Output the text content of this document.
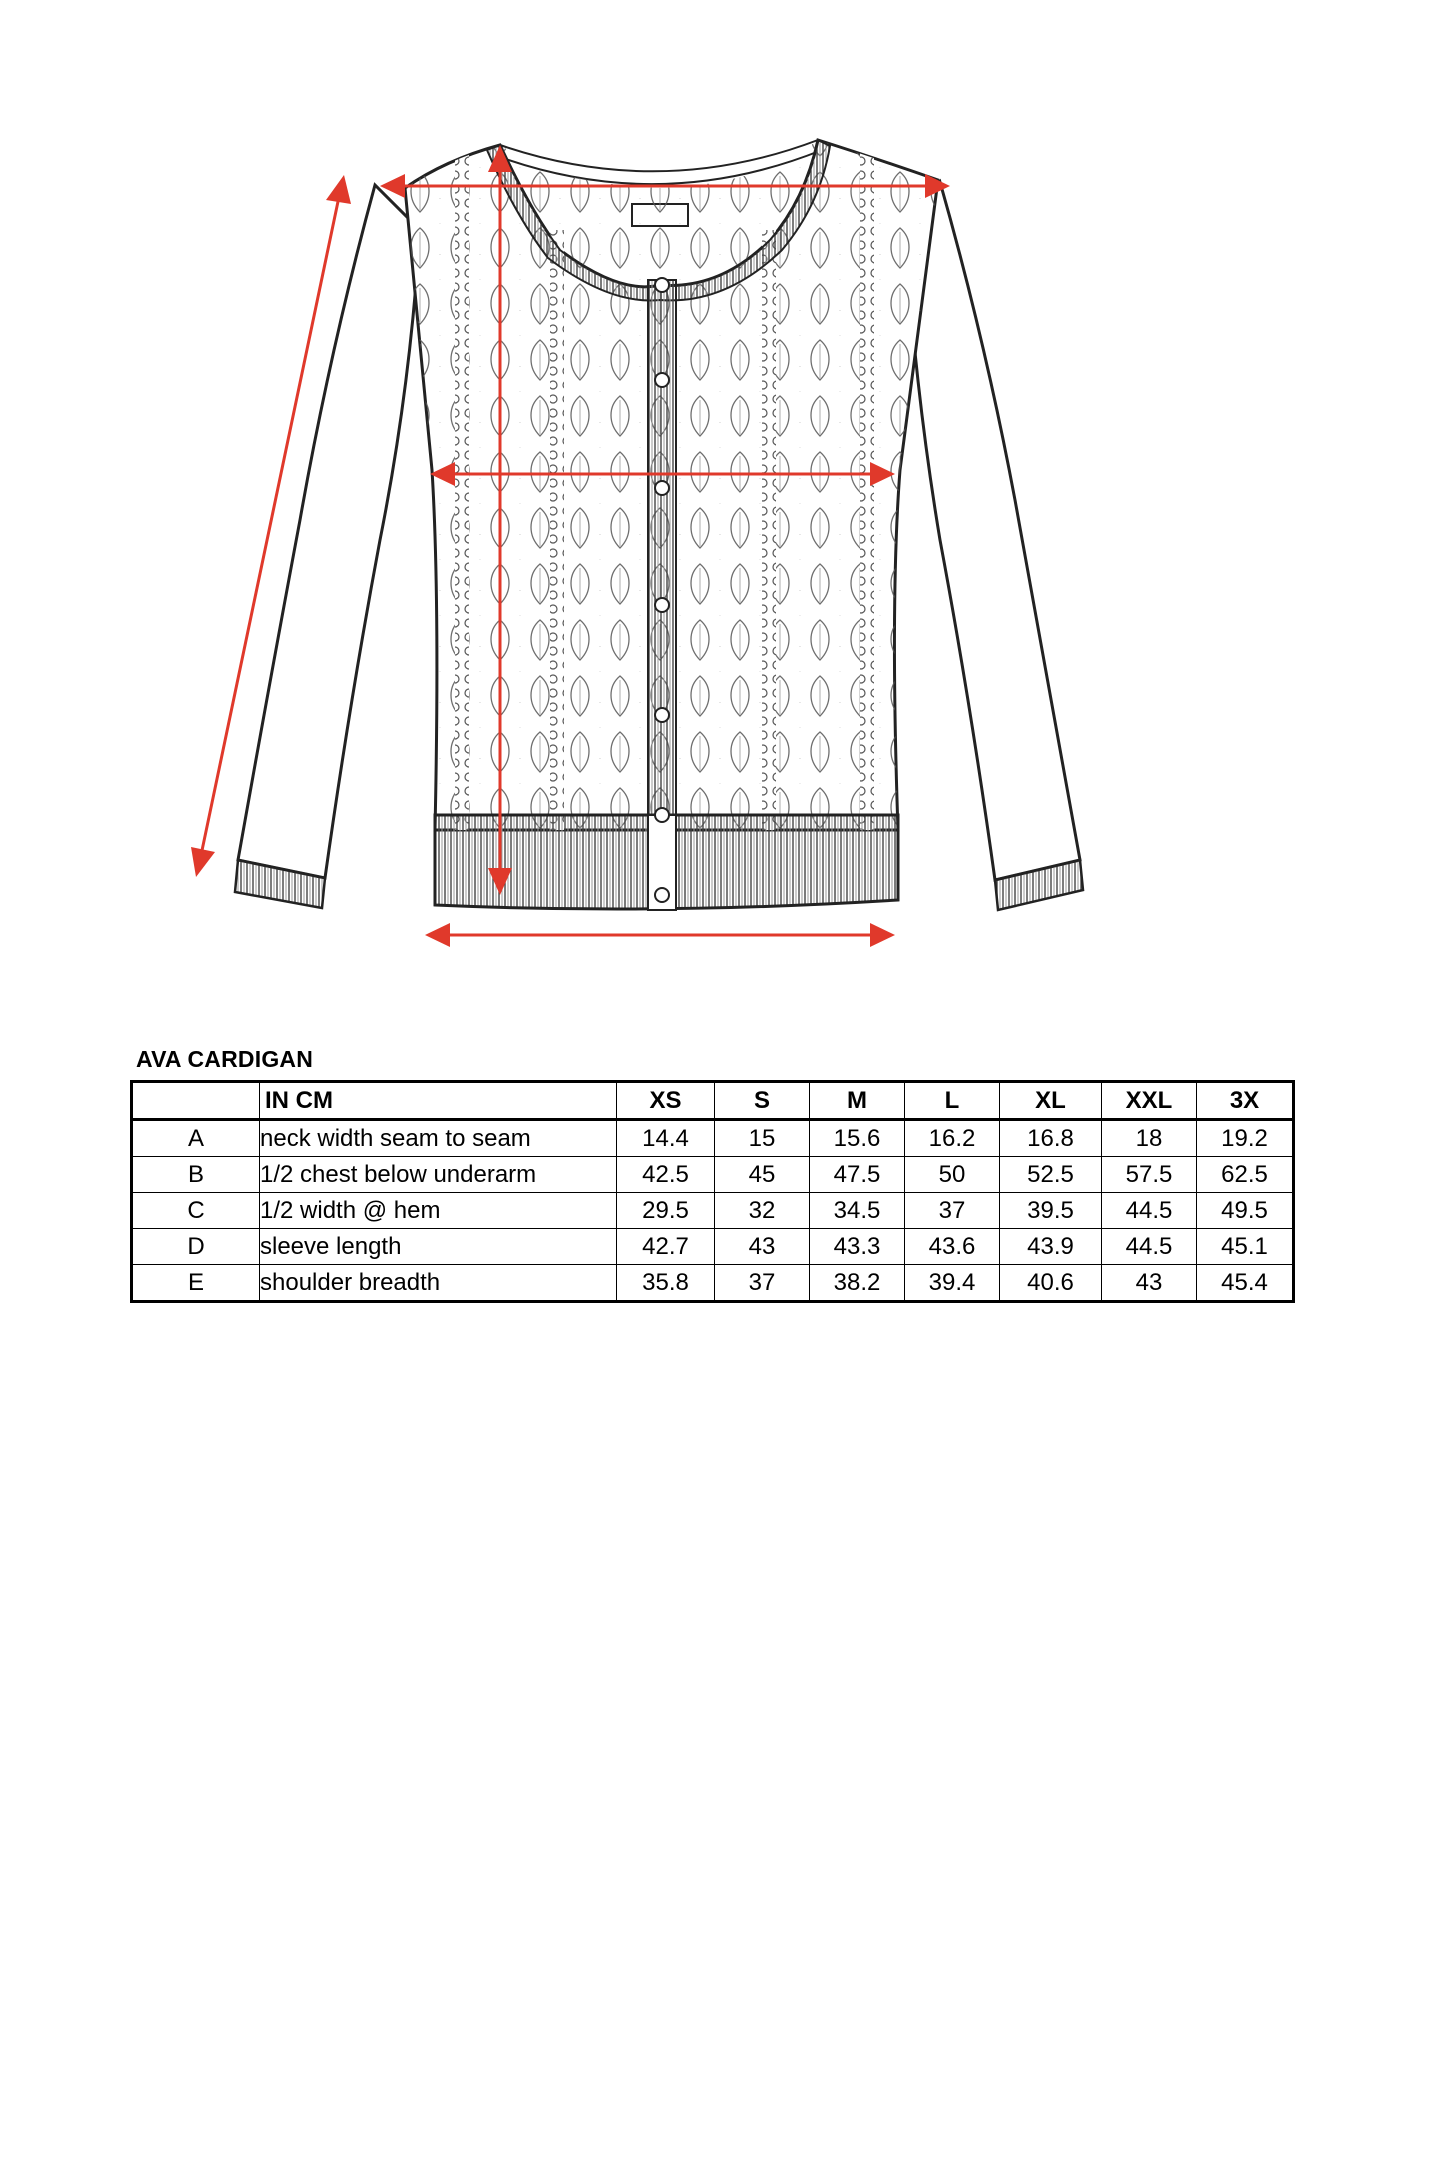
AVA CARDIGAN
	IN CM	XS	S	M	L	XL	XXL	3X
A	neck width seam to seam	14.4	15	15.6	16.2	16.8	18	19.2
B	1/2 chest below underarm	42.5	45	47.5	50	52.5	57.5	62.5
C	1/2 width @ hem	29.5	32	34.5	37	39.5	44.5	49.5
D	sleeve length	42.7	43	43.3	43.6	43.9	44.5	45.1
E	shoulder breadth	35.8	37	38.2	39.4	40.6	43	45.4
